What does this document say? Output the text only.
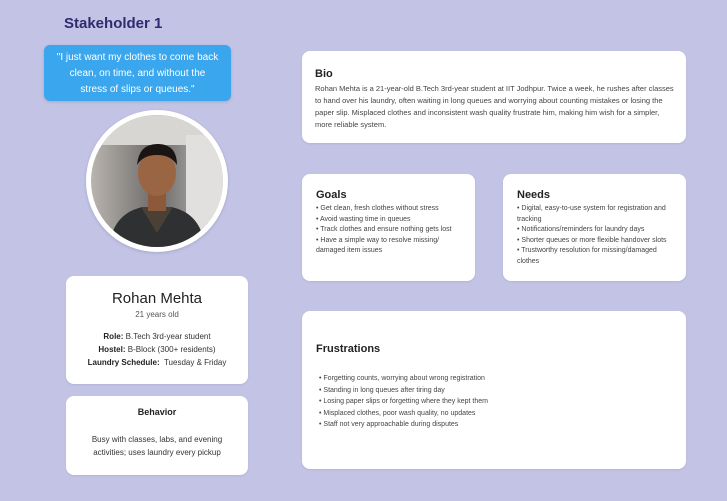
Stakeholder 1
"I just want my clothes to come back clean, on time, and without the stress of slips or queues."
Rohan Mehta
21 years old
Role: B.Tech 3rd-year student
Hostel: B-Block (300+ residents)
Laundry Schedule: Tuesday & Friday
Behavior
Busy with classes, labs, and evening activities; uses laundry every pickup
Bio
Rohan Mehta is a 21-year-old B.Tech 3rd-year student at IIT Jodhpur. Twice a week, he rushes after classes to hand over his laundry, often waiting in long queues and worrying about counting mistakes or losing the paper slip. Misplaced clothes and inconsistent wash quality frustrate him, making him wish for a simpler, more reliable system.
Goals
• Get clean, fresh clothes without stress
• Avoid wasting time in queues
• Track clothes and ensure nothing gets lost
• Have a simple way to resolve missing/ damaged item issues
Needs
• Digital, easy-to-use system for registration and tracking
• Notifications/reminders for laundry days
• Shorter queues or more flexible handover slots
• Trustworthy resolution for missing/damaged clothes
Frustrations
• Forgetting counts, worrying about wrong registration
• Standing in long queues after tiring day
• Losing paper slips or forgetting where they kept them
• Misplaced clothes, poor wash quality, no updates
• Staff not very approachable during disputes
